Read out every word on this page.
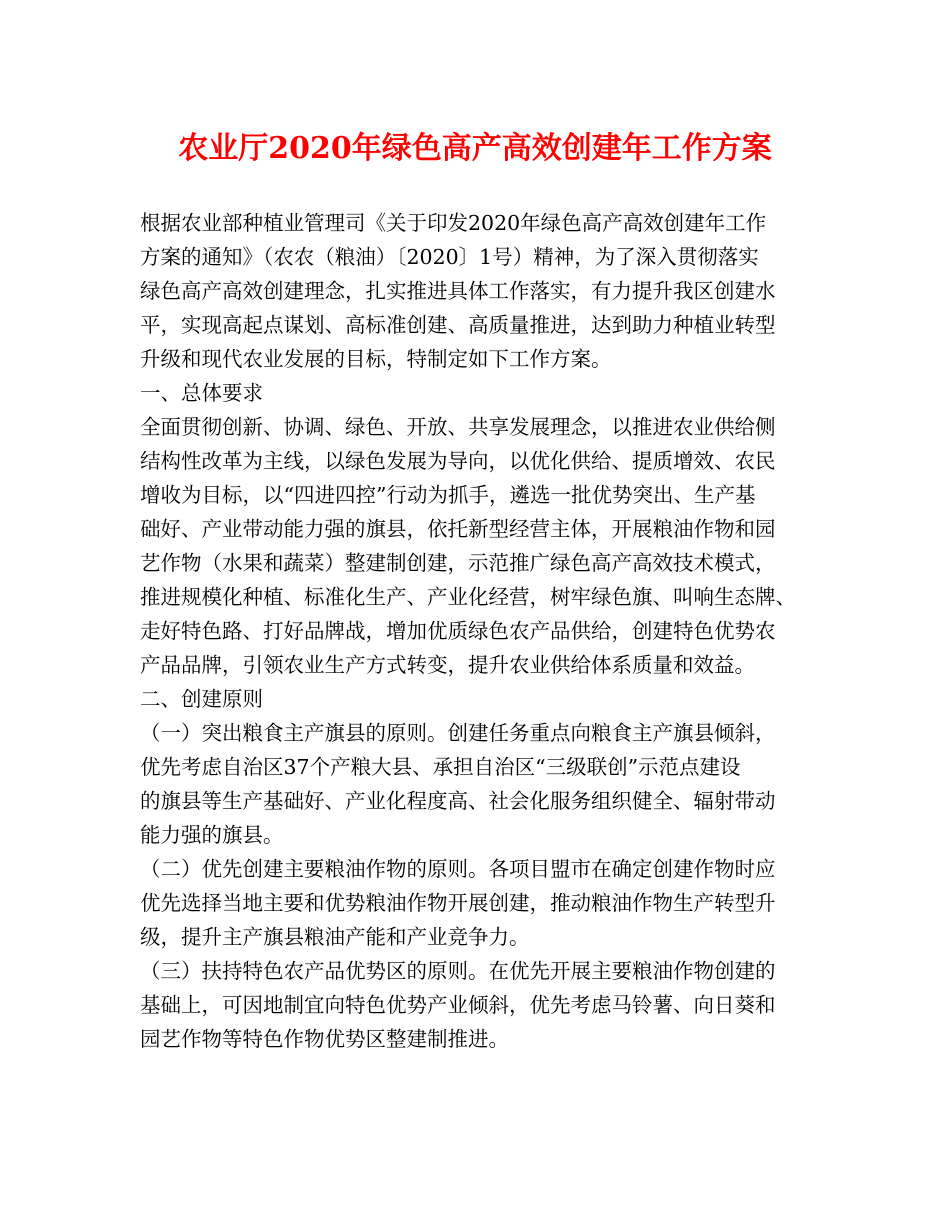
农业厅2020年绿色高产高效创建年工作方案
根据农业部种植业管理司《关于印发2020年绿色高产高效创建年工作
方案的通知》（农农（粮油）〔2020〕1号）精神，为了深入贯彻落实
绿色高产高效创建理念，扎实推进具体工作落实，有力提升我区创建水
平，实现高起点谋划、高标准创建、高质量推进，达到助力种植业转型
升级和现代农业发展的目标，特制定如下工作方案。
一、总体要求
全面贯彻创新、协调、绿色、开放、共享发展理念，以推进农业供给侧
结构性改革为主线，以绿色发展为导向，以优化供给、提质增效、农民
增收为目标，以“四进四控”行动为抓手，遴选一批优势突出、生产基
础好、产业带动能力强的旗县，依托新型经营主体，开展粮油作物和园
艺作物（水果和蔬菜）整建制创建，示范推广绿色高产高效技术模式，
推进规模化种植、标准化生产、产业化经营，树牢绿色旗、叫响生态牌、
走好特色路、打好品牌战，增加优质绿色农产品供给，创建特色优势农
产品品牌，引领农业生产方式转变，提升农业供给体系质量和效益。
二、创建原则
（一）突出粮食主产旗县的原则。创建任务重点向粮食主产旗县倾斜，
优先考虑自治区37个产粮大县、承担自治区“三级联创”示范点建设
的旗县等生产基础好、产业化程度高、社会化服务组织健全、辐射带动
能力强的旗县。
（二）优先创建主要粮油作物的原则。各项目盟市在确定创建作物时应
优先选择当地主要和优势粮油作物开展创建，推动粮油作物生产转型升
级，提升主产旗县粮油产能和产业竞争力。
（三）扶持特色农产品优势区的原则。在优先开展主要粮油作物创建的
基础上，可因地制宜向特色优势产业倾斜，优先考虑马铃薯、向日葵和
园艺作物等特色作物优势区整建制推进。
